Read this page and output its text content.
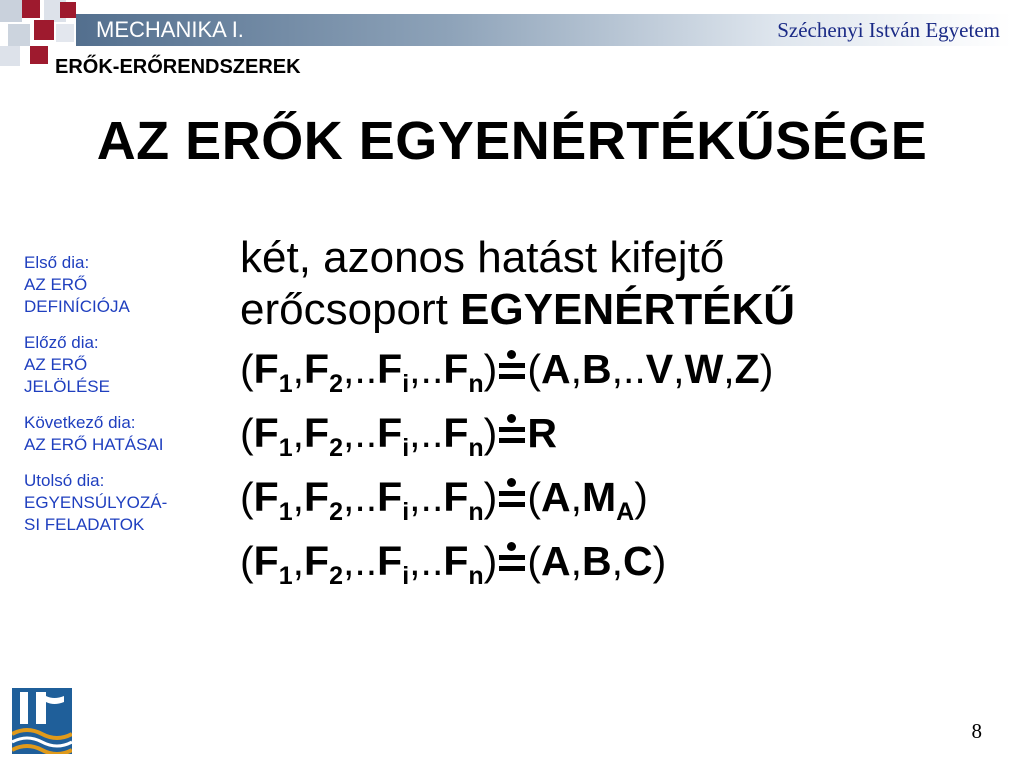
MECHANIKA I.	Széchenyi István Egyetem
ERŐK-ERŐRENDSZEREK
AZ ERŐK EGYENÉRTÉKŰSÉGE
Első dia:
AZ ERŐ
DEFINÍCIÓJA
Előző dia:
AZ ERŐ
JELÖLÉSE
Következő dia:
AZ ERŐ HATÁSAI
Utolsó dia:
EGYENSÚLYOZÁ-
SI FELADATOK
két, azonos hatást kifejtő
erőcsoport EGYENÉRTÉKŰ
$(F_1,F_2,..F_i,..F_n)$ (A,B,..V,W,Z)
$(F_1,F_2,..F_i,..F_n)$ R
$(F_1,F_2,..F_i,..F_n)$ $(A,M_A)$
$(F_1,F_2,..F_i,..F_n)$ (A,B,C)
8
